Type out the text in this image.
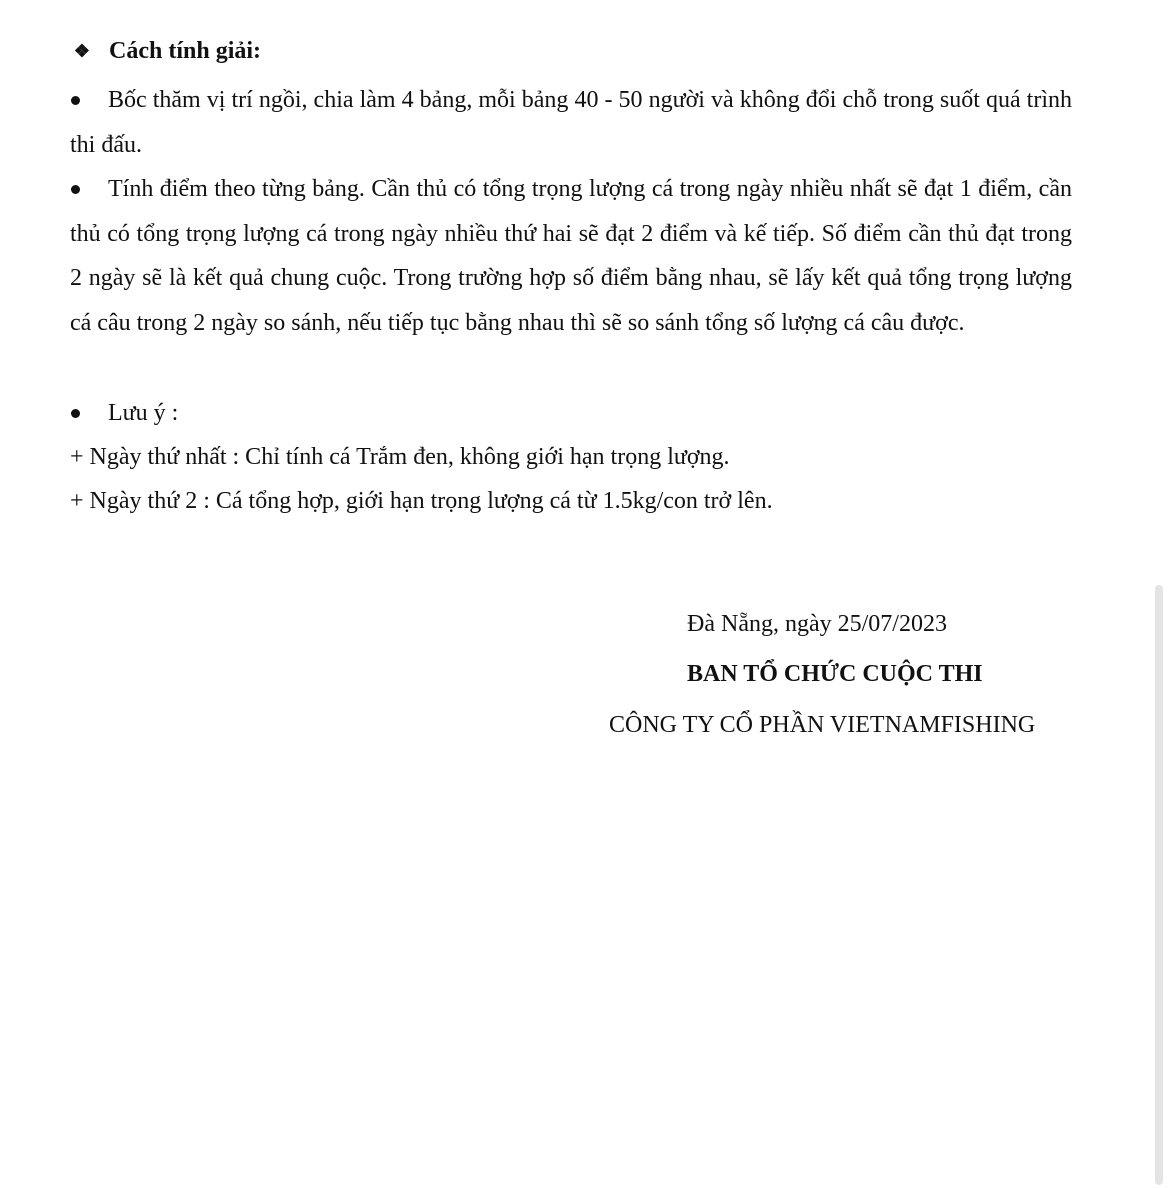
❖ Cách tính giải:
Bốc thăm vị trí ngồi, chia làm 4 bảng, mỗi bảng 40 - 50 người và không đổi chỗ trong suốt quá trình thi đấu.
Tính điểm theo từng bảng. Cần thủ có tổng trọng lượng cá trong ngày nhiều nhất sẽ đạt 1 điểm, cần thủ có tổng trọng lượng cá trong ngày nhiều thứ hai sẽ đạt 2 điểm và kế tiếp. Số điểm cần thủ đạt trong 2 ngày sẽ là kết quả chung cuộc. Trong trường hợp số điểm bằng nhau, sẽ lấy kết quả tổng trọng lượng cá câu trong 2 ngày so sánh, nếu tiếp tục bằng nhau thì sẽ so sánh tổng số lượng cá câu được.
Lưu ý :
+ Ngày thứ nhất : Chỉ tính cá Trắm đen, không giới hạn trọng lượng.
+ Ngày thứ 2 : Cá tổng hợp, giới hạn trọng lượng cá từ 1.5kg/con trở lên.
Đà Nẵng, ngày 25/07/2023
BAN TỔ CHỨC CUỘC THI
CÔNG TY CỔ PHẦN VIETNAMFISHING
